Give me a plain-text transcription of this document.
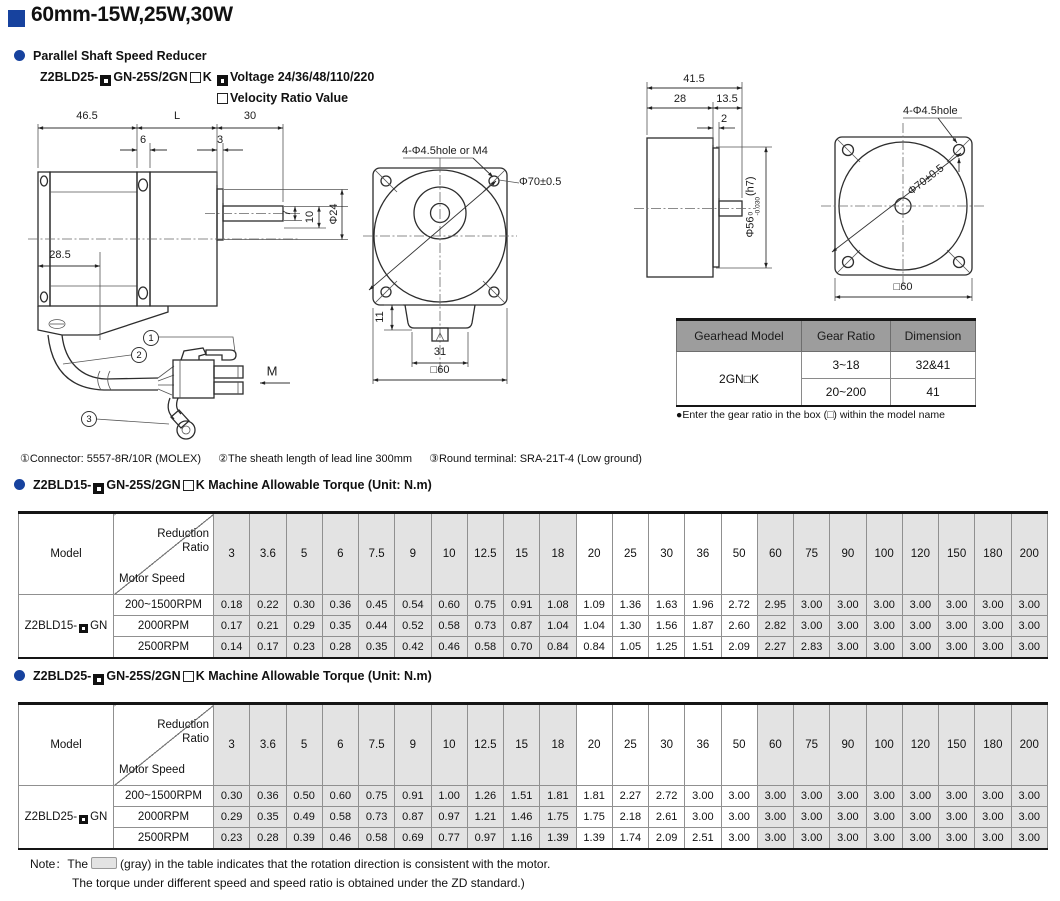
60mm-15W,25W,30W
Parallel Shaft Speed Reducer
Z2BLD25- GN-25S/2GN K	Voltage 24/36/48/110/220
Velocity Ratio Value
46.5	L	30
6	3
28.5
7 10 Φ24
M
1
2
3
4-Φ4.5hole or M4
Φ70±0.5
11
31
□60
41.5
28	13.5
2
Φ56
0 -0.030
(h7)
4-Φ4.5hole
Φ70±0.5
□60
Gearhead Model	Gear Ratio	Dimension
2GN□K	3~18	32&41
	20~200	41
●Enter the gear ratio in the box (□) within the model name
①Connector: 5557-8R/10R (MOLEX) ②The sheath length of lead line 300mm ③Round terminal: SRA-21T-4 (Low ground)
Z2BLD15- GN-25S/2GN K Machine Allowable Torque (Unit: N.m)
Model	Reduction Ratio
Motor Speed	3	3.6	5	6	7.5	9	10	12.5	15	18	20	25	30	36	50	60	75	90	100	120	150	180	200
Z2BLD15- GN	200~1500RPM	0.18	0.22	0.30	0.36	0.45	0.54	0.60	0.75	0.91	1.08	1.09	1.36	1.63	1.96	2.72	2.95	3.00	3.00	3.00	3.00	3.00	3.00	3.00
	2000RPM	0.17	0.21	0.29	0.35	0.44	0.52	0.58	0.73	0.87	1.04	1.04	1.30	1.56	1.87	2.60	2.82	3.00	3.00	3.00	3.00	3.00	3.00	3.00
	2500RPM	0.14	0.17	0.23	0.28	0.35	0.42	0.46	0.58	0.70	0.84	0.84	1.05	1.25	1.51	2.09	2.27	2.83	3.00	3.00	3.00	3.00	3.00	3.00
Z2BLD25- GN-25S/2GN K Machine Allowable Torque (Unit: N.m)
Model	Reduction Ratio
Motor Speed	3	3.6	5	6	7.5	9	10	12.5	15	18	20	25	30	36	50	60	75	90	100	120	150	180	200
Z2BLD25- GN	200~1500RPM	0.30	0.36	0.50	0.60	0.75	0.91	1.00	1.26	1.51	1.81	1.81	2.27	2.72	3.00	3.00	3.00	3.00	3.00	3.00	3.00	3.00	3.00	3.00
	2000RPM	0.29	0.35	0.49	0.58	0.73	0.87	0.97	1.21	1.46	1.75	1.75	2.18	2.61	3.00	3.00	3.00	3.00	3.00	3.00	3.00	3.00	3.00	3.00
	2500RPM	0.23	0.28	0.39	0.46	0.58	0.69	0.77	0.97	1.16	1.39	1.39	1.74	2.09	2.51	3.00	3.00	3.00	3.00	3.00	3.00	3.00	3.00	3.00
Note：The	(gray) in the table indicates that the rotation direction is consistent with the motor.
The torque under different speed and speed ratio is obtained under the ZD standard.)
